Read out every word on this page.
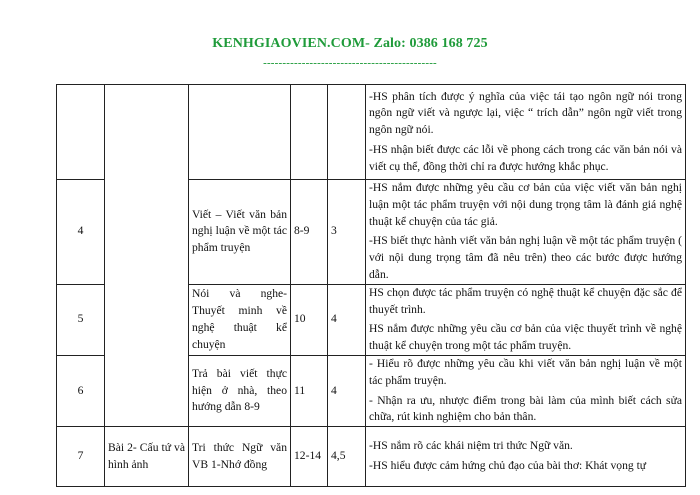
KENHGIAOVIEN.COM- Zalo: 0386 168 725
---------------------------------------------

					-HS phân tích được ý nghĩa của việc tái tạo ngôn ngữ nói trong ngôn ngữ viết và ngược lại, việc “ trích dẫn” ngôn ngữ viết trong ngôn ngữ nói.

-HS nhận biết được các lỗi về phong cách trong các văn bản nói và viết cụ thể, đồng thời chỉ ra được hướng khắc phục.

4		Viết – Viết văn bản nghị luận về một tác phẩm truyện	8-9	3	-HS nắm được những yêu cầu cơ bản của việc viết văn bản nghị luận một tác phẩm truyện với nội dung trọng tâm là đánh giá nghệ thuật kể chuyện của tác giả.

-HS biết thực hành viết văn bản nghị luận về một tác phẩm truyện ( với nội dung trọng tâm đã nêu trên) theo các bước được hướng dẫn.

5		Nói và nghe- Thuyết minh về nghệ thuật kể chuyện	10	4	HS chọn được tác phẩm truyện có nghệ thuật kể chuyện đặc sắc để thuyết trình.

HS nắm được những yêu cầu cơ bản của việc thuyết trình về nghệ thuật kể chuyện trong một tác phẩm truyện.

6		Trả bài viết thực hiện ở nhà, theo hướng dẫn 8-9	11	4	- Hiểu rõ được những yêu cầu khi viết văn bản nghị luận về một tác phẩm truyện.

- Nhận ra ưu, nhược điểm trong bài làm của mình biết cách sửa chữa, rút kinh nghiệm cho bản thân.

7	Bài 2- Cấu tứ và hình ảnh	Tri thức Ngữ văn VB 1-Nhớ đồng	12-14	4,5	-HS nắm rõ các khái niệm tri thức Ngữ văn.

-HS hiểu được cảm hứng chủ đạo của bài thơ: Khát vọng tự
